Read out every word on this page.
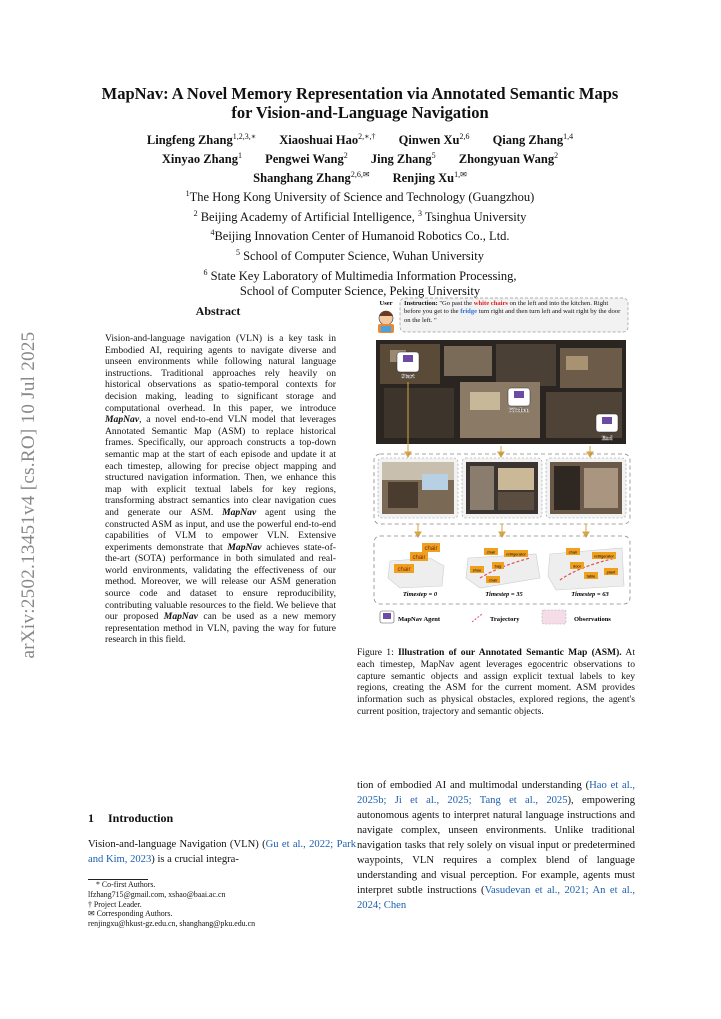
arXiv:2502.13451v4 [cs.RO] 10 Jul 2025
MapNav: A Novel Memory Representation via Annotated Semantic Maps
for Vision-and-Language Navigation
Lingfeng Zhang$^{1,2,3,∗}$ Xiaoshuai Hao$^{2,∗,\dagger}$ Qinwen Xu$^{2,6}$ Qiang Zhang$^{1,4}$
Xinyao Zhang$^1$ Pengwei Wang$^2$ Jing Zhang$^5$ Zhongyuan Wang$^2$
Shanghang Zhang$^{2,6,✉}$ Renjing $Xu^{1,✉}$
$^1$The Hong Kong University of Science and Technology (Guangzhou)
$^2$ Beijing Academy of Artificial Intelligence, $^3$ Tsinghua University
$^4$Beijing Innovation Center of Humanoid Robotics Co., Ltd.
$^5$ School of Computer Science, Wuhan University
$^6$ State Key Laboratory of Multimedia Information Processing,
School of Computer Science, Peking University
Abstract
Vision-and-language navigation (VLN) is a key task in Embodied AI, requiring agents to navigate diverse and unseen environments while following natural language instructions. Traditional approaches rely heavily on historical observations as spatio-temporal contexts for decision making, leading to significant storage and computational overhead. In this paper, we introduce MapNav, a novel end-to-end VLN model that leverages Annotated Semantic Map (ASM) to replace historical frames. Specifically, our approach constructs a top-down semantic map at the start of each episode and update it at each timestep, allowing for precise object mapping and structured navigation information. Then, we enhance this map with explicit textual labels for key regions, transforming abstract semantics into clear navigation cues and generate our ASM. MapNav agent using the constructed ASM as input, and use the powerful end-to-end capabilities of VLM to empower VLN. Extensive experiments demonstrate that MapNav achieves state-of-the-art (SOTA) performance in both simulated and real-world environments, validating the effectiveness of our method. Moreover, we will release our ASM generation source code and dataset to ensure reproducibility, contributing valuable resources to the field. We believe that our proposed MapNav can be used as a new memory representation method in VLN, paving the way for future research in this field.
1 Introduction
Vision-and-language Navigation (VLN) (Gu et al., 2022; Park and Kim, 2023) is a crucial integra-
* Co-first Authors.
lfzhang715@gmail.com, xshao@baai.ac.cn
† Project Leader.
✉ Corresponding Authors.
renjingxu@hkust-gz.edu.cn, shanghang@pku.edu.cn
User Instruction: "Go past the white chairs on the left and into the kitchen. Right before you get to the fridge turn right and then turn left and wait right by the door on the left. "
Start
Kitchen
End
chair
chair
chair
chair	refrigerator
bag
shoe
chair
chair
refrigerator
door
table
plant
Timestep = 0	Timestep = 35	Timestep = 63
MapNav Agent	Trajectory	Observations
Figure 1: Illustration of our Annotated Semantic Map (ASM). At each timestep, MapNav agent leverages egocentric observations to capture semantic objects and assign explicit textual labels to key regions, creating the ASM for the current moment. ASM provides information such as physical obstacles, explored regions, the agent's current position, trajectory and semantic objects.
tion of embodied AI and multimodal understanding (Hao et al., 2025b; Ji et al., 2025; Tang et al., 2025), empowering autonomous agents to interpret natural language instructions and navigate complex, unseen environments. Unlike traditional navigation tasks that rely solely on visual input or predetermined waypoints, VLN requires a complex blend of language understanding and visual perception. For example, agents must interpret subtle instructions (Vasudevan et al., 2021; An et al., 2024; Chen
